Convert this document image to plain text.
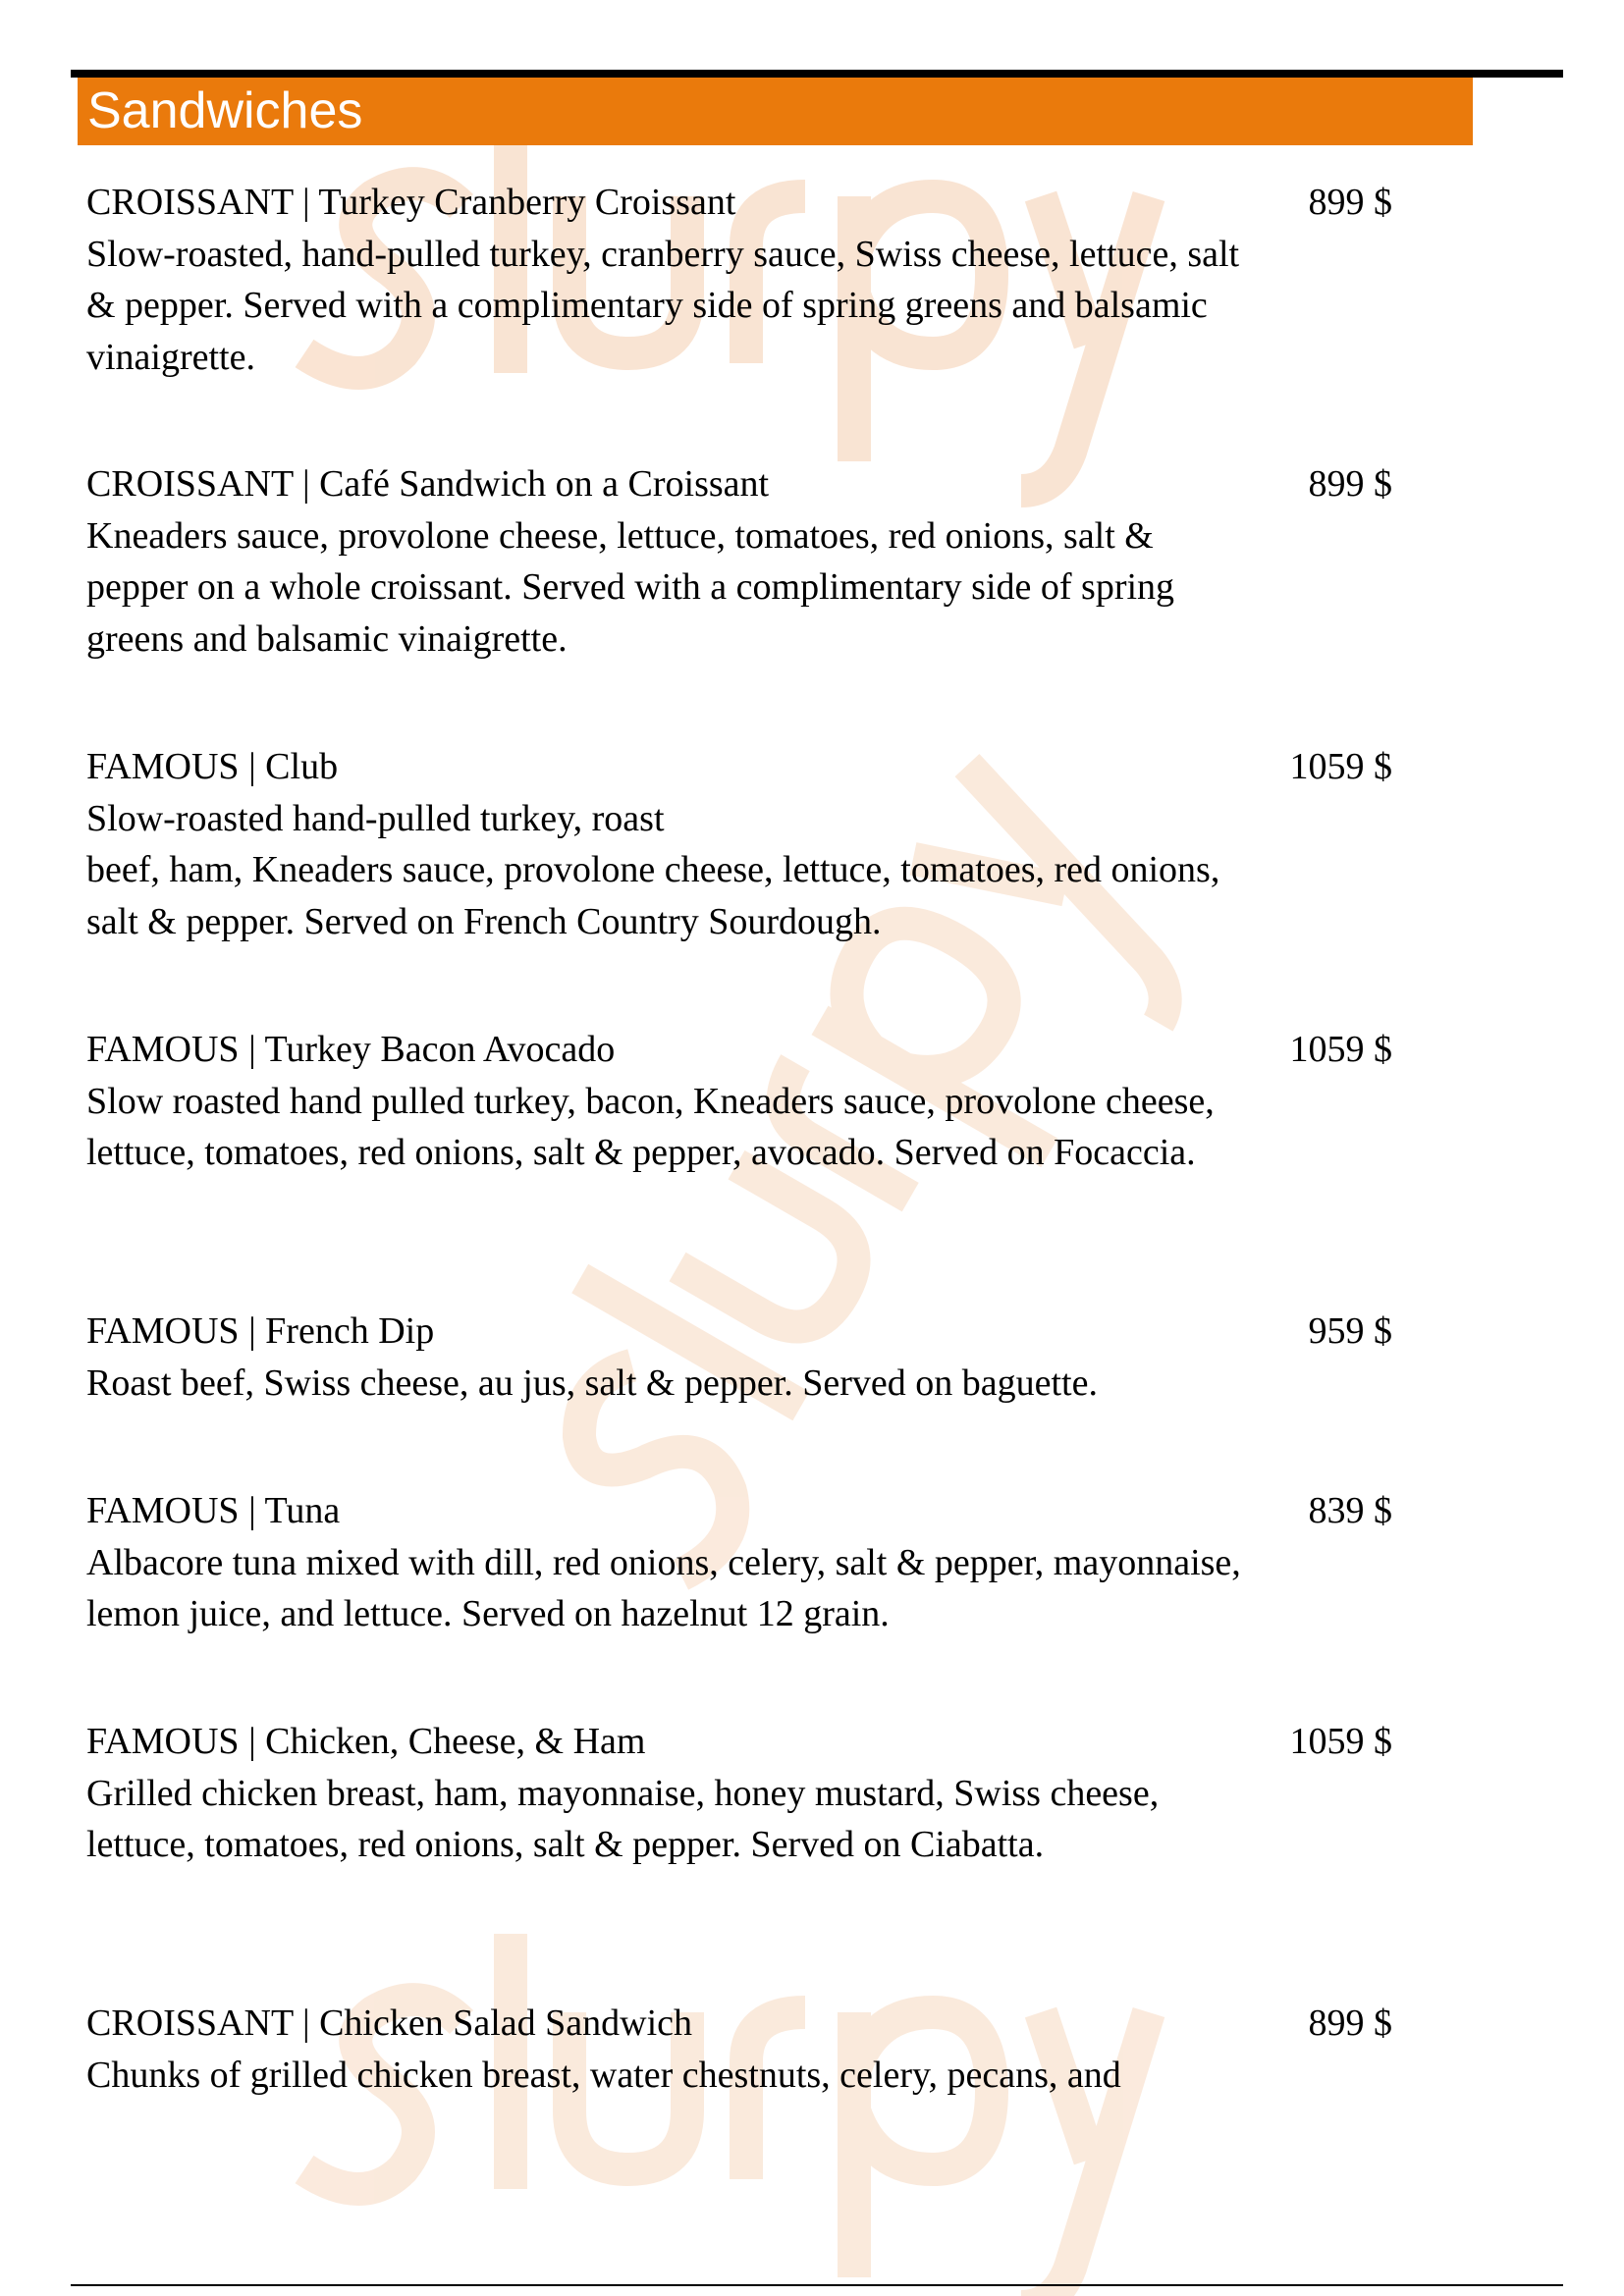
Sandwiches
CROISSANT | Turkey Cranberry Croissant
Slow-roasted, hand-pulled turkey, cranberry sauce, Swiss cheese, lettuce, salt & pepper. Served with a complimentary side of spring greens and balsamic vinaigrette.
899 $
CROISSANT | Café Sandwich on a Croissant
Kneaders sauce, provolone cheese, lettuce, tomatoes, red onions, salt & pepper on a whole croissant. Served with a complimentary side of spring greens and balsamic vinaigrette.
899 $
FAMOUS | Club
Slow-roasted hand-pulled turkey, roast
beef, ham, Kneaders sauce, provolone cheese, lettuce, tomatoes, red onions, salt & pepper. Served on French Country Sourdough.
1059 $
FAMOUS | Turkey Bacon Avocado
Slow roasted hand pulled turkey, bacon, Kneaders sauce, provolone cheese, lettuce, tomatoes, red onions, salt & pepper, avocado. Served on Focaccia.
1059 $
FAMOUS | French Dip
Roast beef, Swiss cheese, au jus, salt & pepper. Served on baguette.
959 $
FAMOUS | Tuna
Albacore tuna mixed with dill, red onions, celery, salt & pepper, mayonnaise, lemon juice, and lettuce. Served on hazelnut 12 grain.
839 $
FAMOUS | Chicken, Cheese, & Ham
Grilled chicken breast, ham, mayonnaise, honey mustard, Swiss cheese, lettuce, tomatoes, red onions, salt & pepper. Served on Ciabatta.
1059 $
CROISSANT | Chicken Salad Sandwich
Chunks of grilled chicken breast, water chestnuts, celery, pecans, and
899 $
